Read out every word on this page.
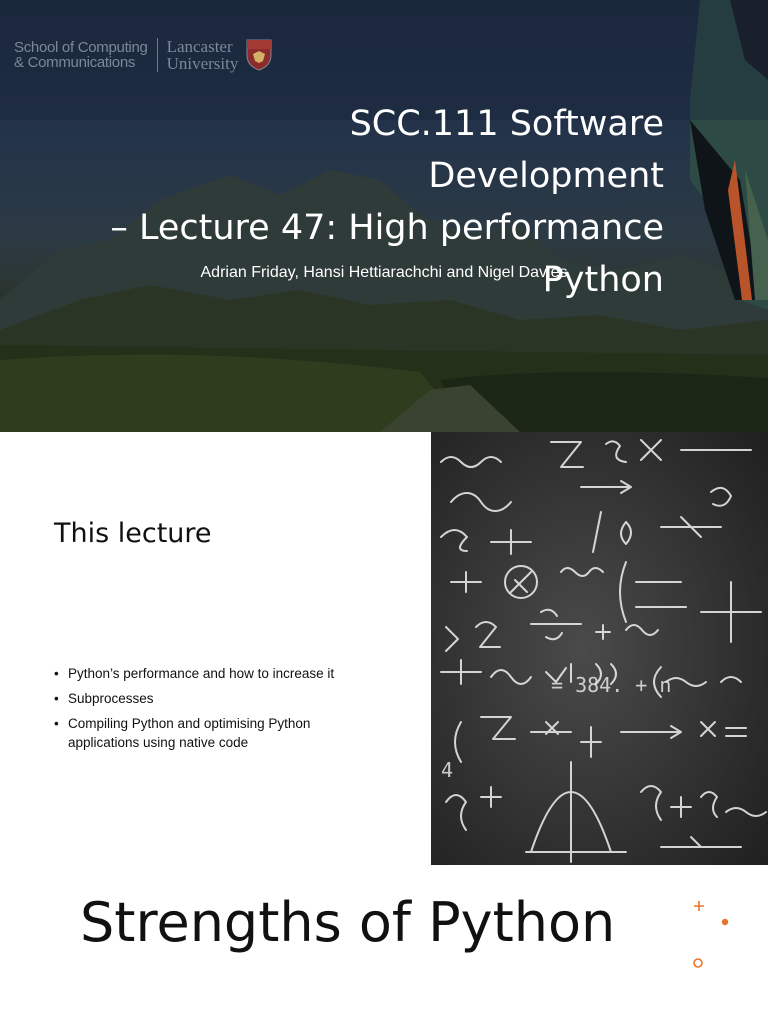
School of Computing
& Communications
Lancaster
University
SCC.111 Software Development
– Lecture 47: High performance
Python
Adrian Friday, Hansi Hettiarachchi and Nigel Davies
This lecture
• Python’s performance and how to increase it
• Subprocesses
• Compiling Python and optimising Python applications using native code
= 384. + n
4
Strengths of Python
